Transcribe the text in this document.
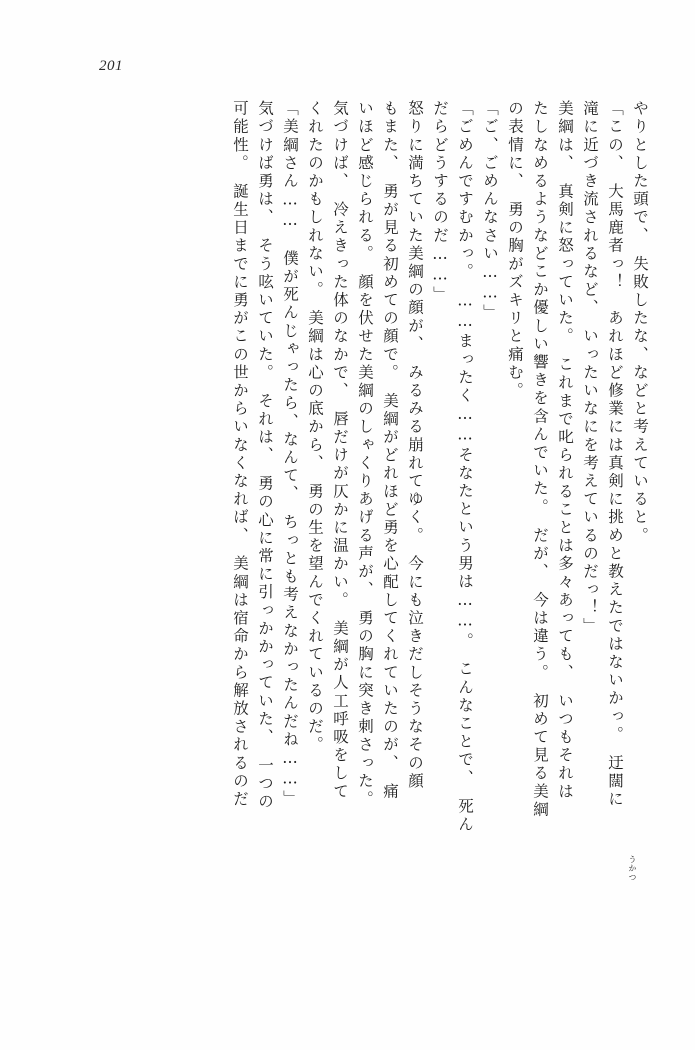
201
やりとした頭で、　失敗したな、などと考えていると。
「この、　大馬鹿者っ！　あれほど修業には真剣に挑めと教えたではないかっ。　迂闊に
滝に近づき流されるなど、　いったいなにを考えているのだっ！」
美綱は、　真剣に怒っていた。　これまで叱られることは多々あっても、　いつもそれは
たしなめるようなどこか優しい響きを含んでいた。　だが、　今は違う。　初めて見る美綱
の表情に、　勇の胸がズキリと痛む。
「ご、ごめんなさい……」
「ごめんですむかっ。　……まったく……そなたという男は……。　こんなことで、　死ん
だらどうするのだ……」
怒りに満ちていた美綱の顔が、　みるみる崩れてゆく。　今にも泣きだしそうなその顔
もまた、　勇が見る初めての顔で。　美綱がどれほど勇を心配してくれていたのが、　痛
いほど感じられる。　顔を伏せた美綱のしゃくりあげる声が、　勇の胸に突き刺さった。
気づけば、　冷えきった体のなかで、　唇だけが仄かに温かい。　美綱が人工呼吸をして
くれたのかもしれない。　美綱は心の底から、　勇の生を望んでくれているのだ。
「美綱さん……　僕が死んじゃったら、なんて、　ちっとも考えなかったんだね……」
気づけば勇は、　そう呟いていた。　それは、　勇の心に常に引っかかっていた、　一つの
可能性。　誕生日までに勇がこの世からいなくなれば、　美綱は宿命から解放されるのだ
うかつ
